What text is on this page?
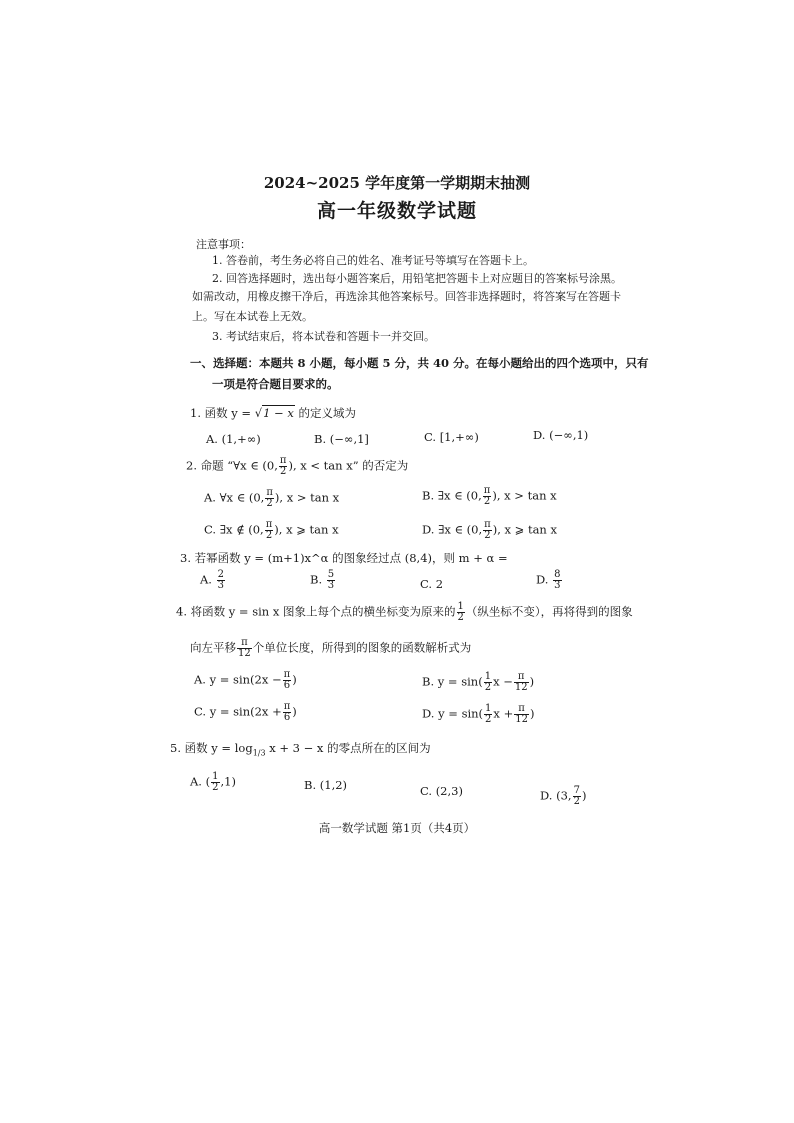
2024~2025 学年度第一学期期末抽测
高一年级数学试题
注意事项：
1. 答卷前，考生务必将自己的姓名、准考证号等填写在答题卡上。
2. 回答选择题时，选出每小题答案后，用铅笔把答题卡上对应题目的答案标号涂黑。
如需改动，用橡皮擦干净后，再选涂其他答案标号。回答非选择题时，将答案写在答题卡
上。写在本试卷上无效。
3. 考试结束后，将本试卷和答题卡一并交回。
一、选择题：本题共 8 小题，每小题 5 分，共 40 分。在每小题给出的四个选项中，只有
一项是符合题目要求的。
1. 函数 y = √1 − x 的定义域为
A. (1,+∞)	B. (−∞,1]	C. [1,+∞)	D. (−∞,1)
2. 命题 “∀x ∈ (0, $\frac{\pi}{2}$ ), x < tan x” 的否定为
A. ∀x ∈ (0, $\frac{\pi}{2}$ ), x > tan x	B. ∃x ∈ (0, $\frac{\pi}{2}$ ), x > tan x
C. ∃x ∉ (0, $\frac{\pi}{2}$ ), x ⩾ tan x	D. ∃x ∈ (0, $\frac{\pi}{2}$ ), x ⩾ tan x
3. 若幂函数 y = (m+1)x^α 的图象经过点 (8,4)，则 m + α =
A. $\frac{2}{3}$	B. $\frac{5}{3}$	C. 2	D. $\frac{8}{3}$
4. 将函数 y = sin x 图象上每个点的横坐标变为原来的 $\frac{1}{2}$ （纵坐标不变），再将得到的图象
向左平移 $\frac{\pi}{12}$ 个单位长度，所得到的图象的函数解析式为
A. $y = \sin(2x - \frac{\pi}{6}$ )	B. $y = \sin( \frac{1}{2}$ $x - \frac{\pi}{12}$ )
C. $y = \sin(2x + \frac{\pi}{6}$ )	D. $y = \sin( \frac{1}{2}$ $x + \frac{\pi}{12}$ )
5. 函数 $y = \log_{1/3} x + 3 - x$ 的零点所在的区间为
A. ( $\frac{1}{2} ,1$)	B. (1,2)	C. (2,3)	D. (3, $\frac{7}{2}$ )
高一数学试题 第1页（共4页）
